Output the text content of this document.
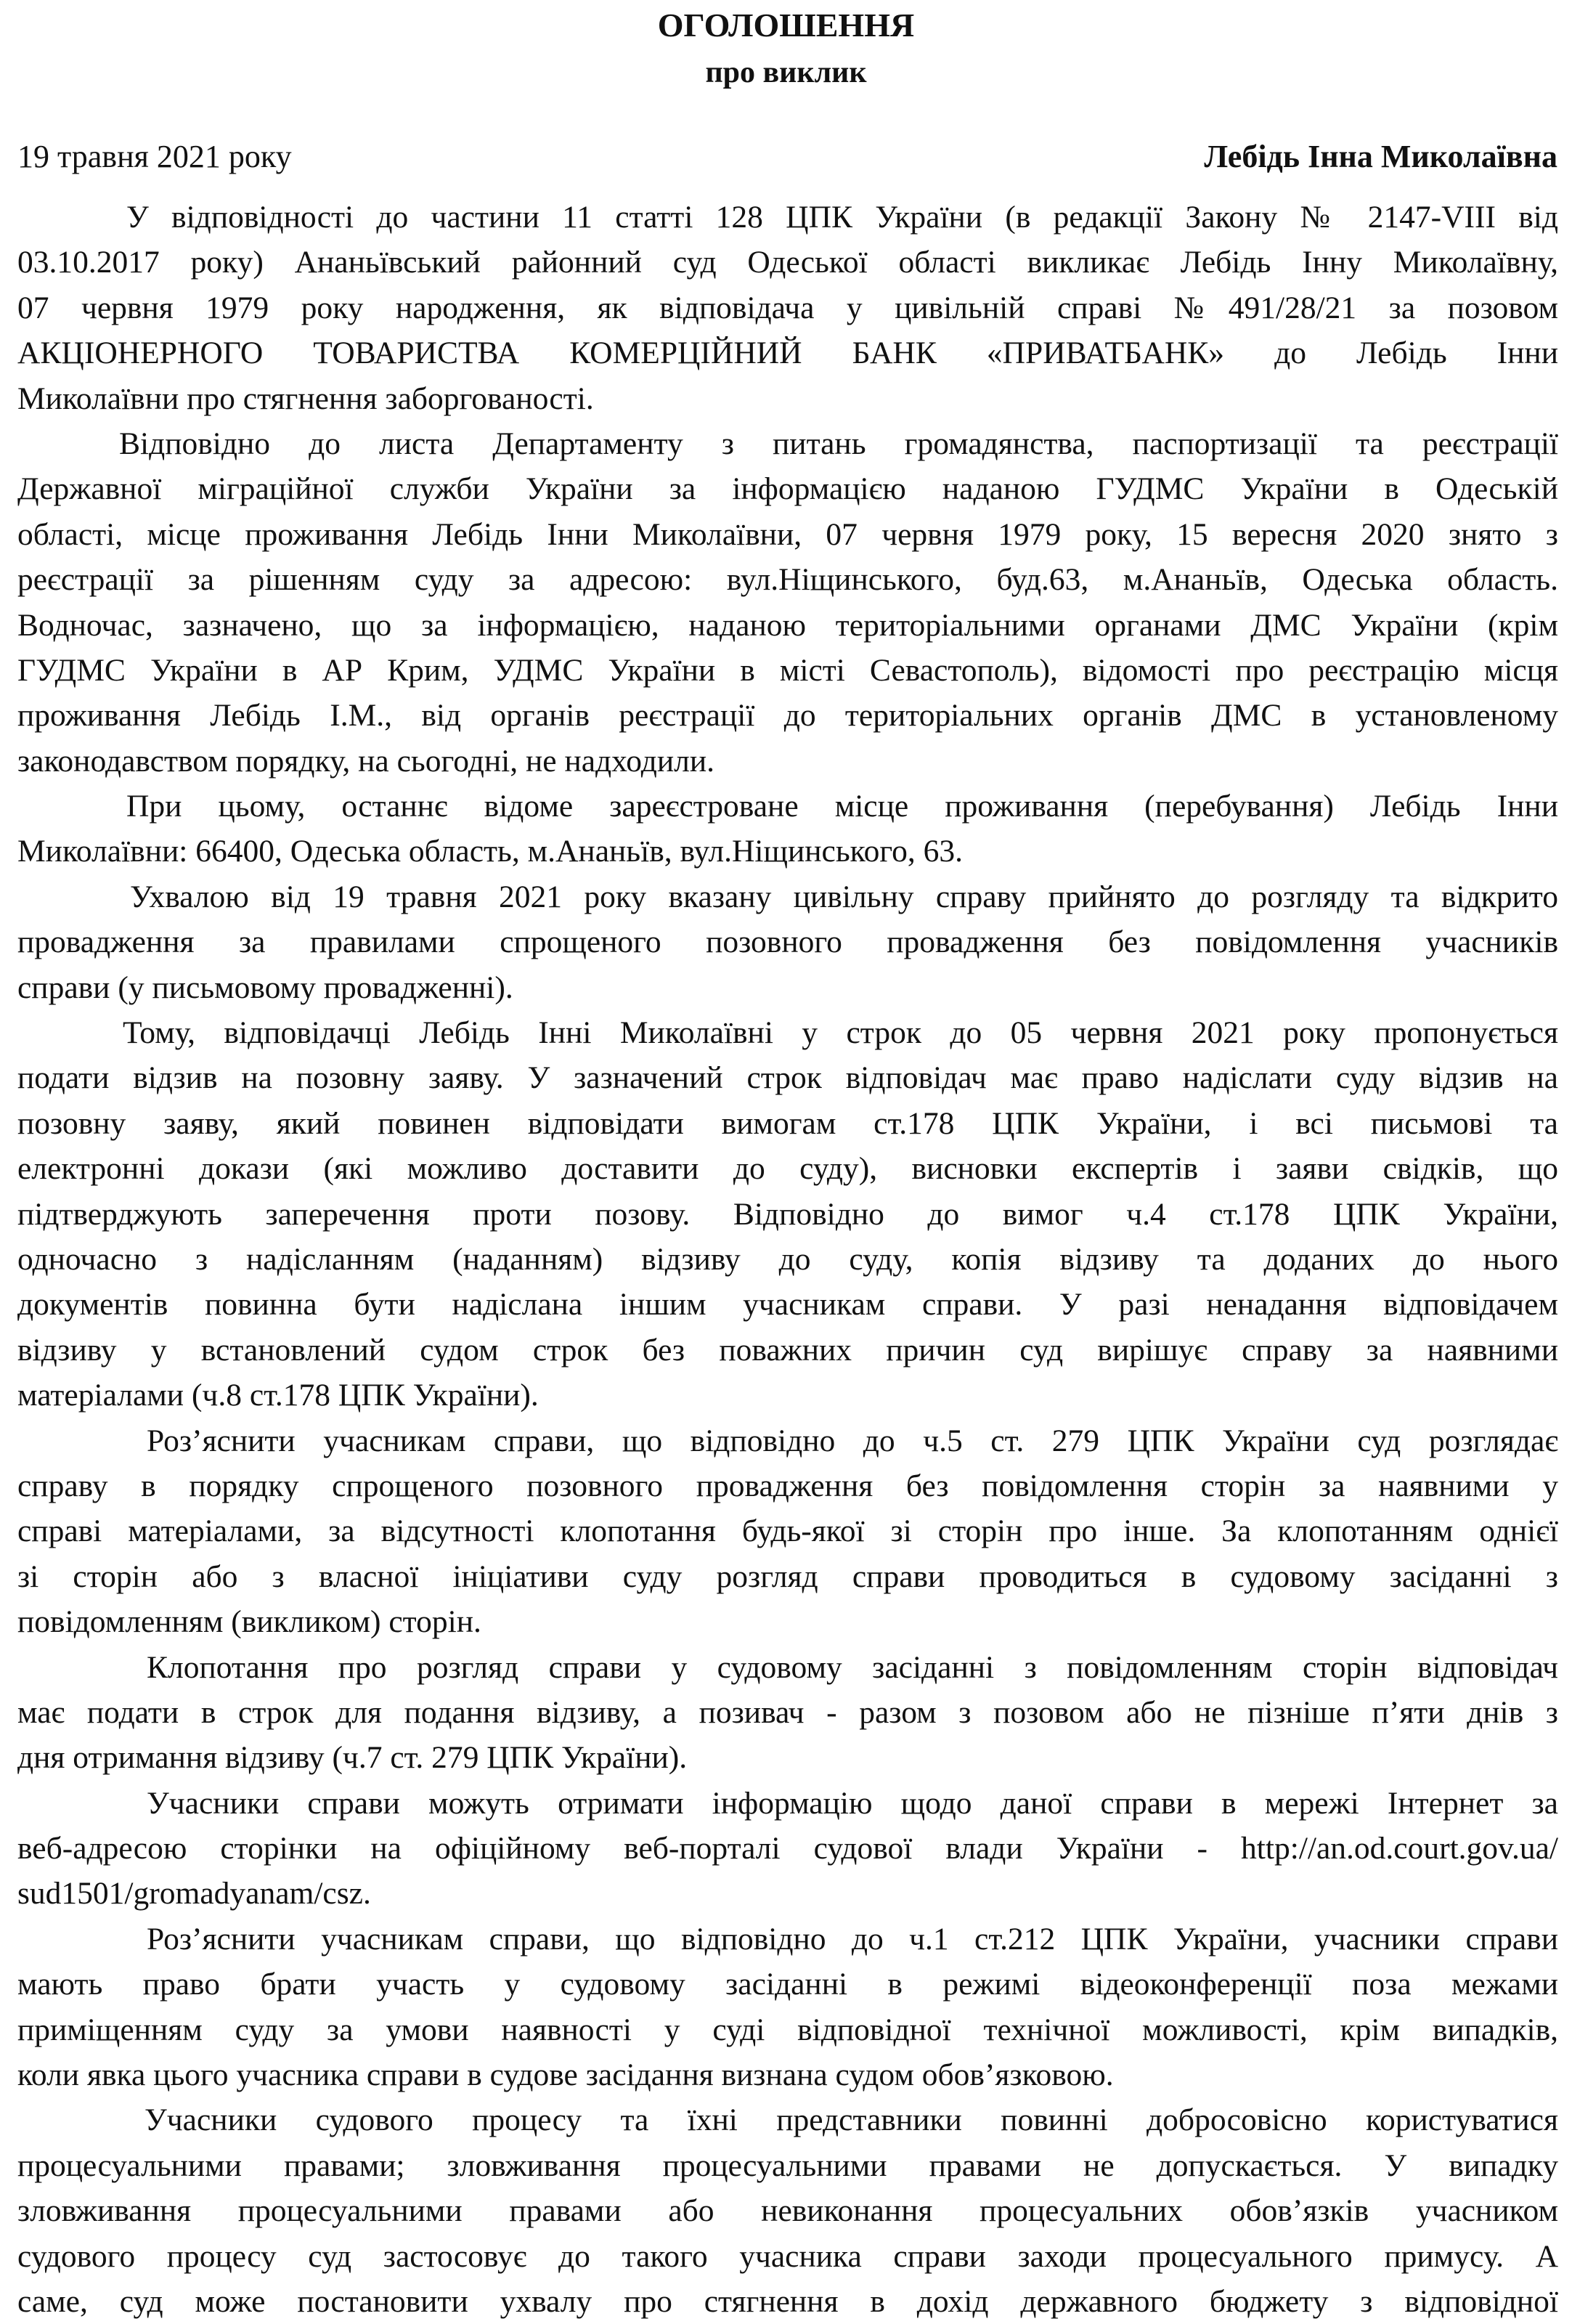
ОГОЛОШЕННЯ
про виклик
19 травня 2021 року	Лебідь Інна Миколаївна
У відповідності до частини 11 статті 128 ЦПК України (в редакції Закону № 2147-VIII від
03.10.2017 року) Ананьївський районний суд Одеської області викликає Лебідь Інну Миколаївну,
07 червня 1979 року народження, як відповідача у цивільній справі №491/28/21 за позовом
АКЦІОНЕРНОГО ТОВАРИСТВА КОМЕРЦІЙНИЙ БАНК «ПРИВАТБАНК» до Лебідь Інни
Миколаївни про стягнення заборгованості.
Відповідно до листа Департаменту з питань громадянства, паспортизації та реєстрації
Державної міграційної служби України за інформацією наданою ГУДМС України в Одеській
області, місце проживання Лебідь Інни Миколаївни, 07 червня 1979 року, 15 вересня 2020 знято з
реєстрації за рішенням суду за адресою: вул.Ніщинського, буд.63, м.Ананьїв, Одеська область.
Водночас, зазначено, що за інформацією, наданою територіальними органами ДМС України (крім
ГУДМС України в АР Крим, УДМС України в місті Севастополь), відомості про реєстрацію місця
проживання Лебідь І.М., від органів реєстрації до територіальних органів ДМС в установленому
законодавством порядку, на сьогодні, не надходили.
При цьому, останнє відоме зареєстроване місце проживання (перебування) Лебідь Інни
Миколаївни: 66400, Одеська область, м.Ананьїв, вул.Ніщинського, 63.
Ухвалою від 19 травня 2021 року вказану цивільну справу прийнято до розгляду та відкрито
провадження за правилами спрощеного позовного провадження без повідомлення учасників
справи (у письмовому провадженні).
Тому, відповідачці Лебідь Інні Миколаївні у строк до 05 червня 2021 року пропонується
подати відзив на позовну заяву. У зазначений строк відповідач має право надіслати суду відзив на
позовну заяву, який повинен відповідати вимогам ст.178 ЦПК України, і всі письмові та
електронні докази (які можливо доставити до суду), висновки експертів і заяви свідків, що
підтверджують заперечення проти позову. Відповідно до вимог ч.4 ст.178 ЦПК України,
одночасно з надісланням (наданням) відзиву до суду, копія відзиву та доданих до нього
документів повинна бути надіслана іншим учасникам справи. У разі ненадання відповідачем
відзиву у встановлений судом строк без поважних причин суд вирішує справу за наявними
матеріалами (ч.8 ст.178 ЦПК України).
Роз’яснити учасникам справи, що відповідно до ч.5 ст. 279 ЦПК України суд розглядає
справу в порядку спрощеного позовного провадження без повідомлення сторін за наявними у
справі матеріалами, за відсутності клопотання будь-якої зі сторін про інше. За клопотанням однієї
зі сторін або з власної ініціативи суду розгляд справи проводиться в судовому засіданні з
повідомленням (викликом) сторін.
Клопотання про розгляд справи у судовому засіданні з повідомленням сторін відповідач
має подати в строк для подання відзиву, а позивач - разом з позовом або не пізніше п’яти днів з
дня отримання відзиву (ч.7 ст. 279 ЦПК України).
Учасники справи можуть отримати інформацію щодо даної справи в мережі Інтернет за
веб-адресою сторінки на офіційному веб-порталі судової влади України - http://an.od.court.gov.ua/
sud1501/gromadyanam/csz.
Роз’яснити учасникам справи, що відповідно до ч.1 ст.212 ЦПК України, учасники справи
мають право брати участь у судовому засіданні в режимі відеоконференції поза межами
приміщенням суду за умови наявності у суді відповідної технічної можливості, крім випадків,
коли явка цього учасника справи в судове засідання визнана судом обов’язковою.
Учасники судового процесу та їхні представники повинні добросовісно користуватися
процесуальними правами; зловживання процесуальними правами не допускається. У випадку
зловживання процесуальними правами або невиконання процесуальних обов’язків учасником
судового процесу суд застосовує до такого учасника справи заходи процесуального примусу. А
саме, суд може постановити ухвалу про стягнення в дохід державного бюджету з відповідної
